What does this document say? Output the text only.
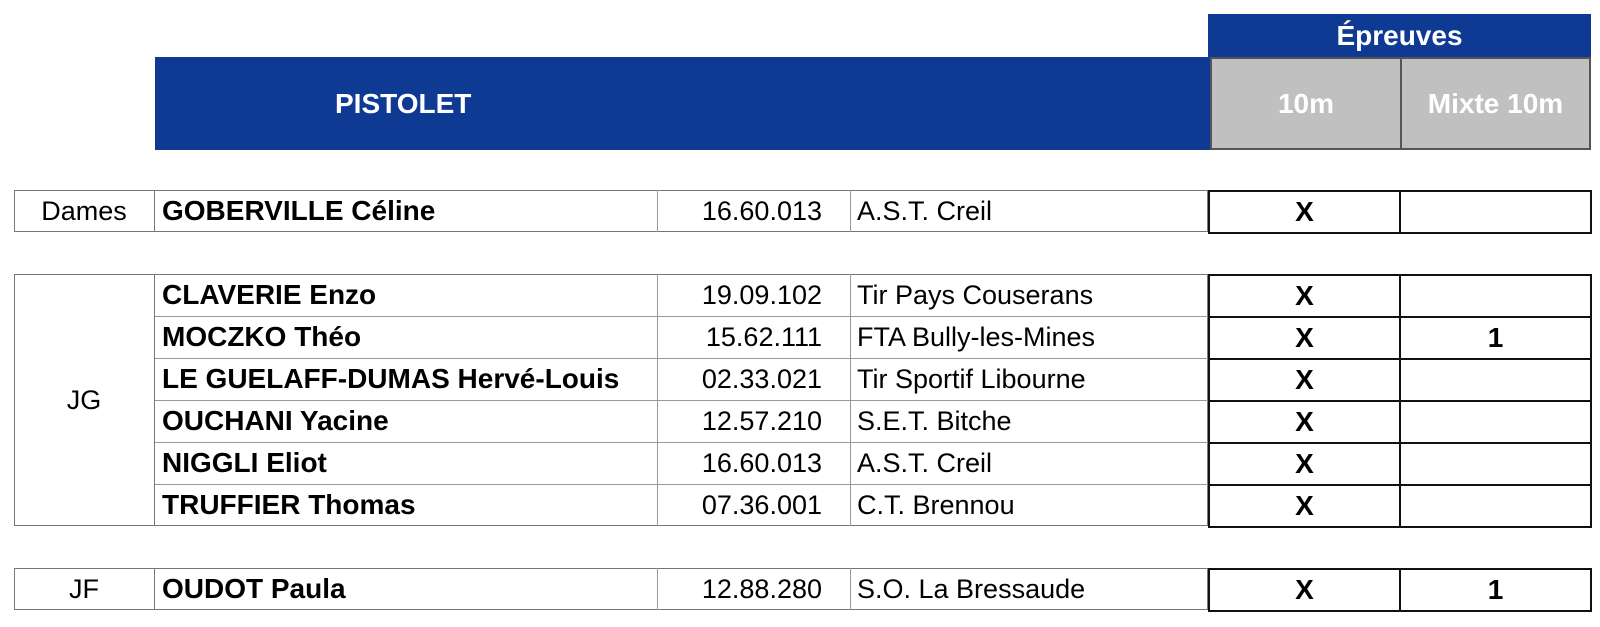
Épreuves
PISTOLET	10m	Mixte 10m
Dames	GOBERVILLE Céline	16.60.013	A.S.T. Creil	X
JG
CLAVERIE Enzo	19.09.102	Tir Pays Couserans	X
MOCZKO Théo	15.62.111	FTA Bully-les-Mines	X	1
LE GUELAFF-DUMAS Hervé-Louis	02.33.021	Tir Sportif Libourne	X
OUCHANI Yacine	12.57.210	S.E.T. Bitche	X
NIGGLI Eliot	16.60.013	A.S.T. Creil	X
TRUFFIER Thomas	07.36.001	C.T. Brennou	X
JF	OUDOT Paula	12.88.280	S.O. La Bressaude	X	1
